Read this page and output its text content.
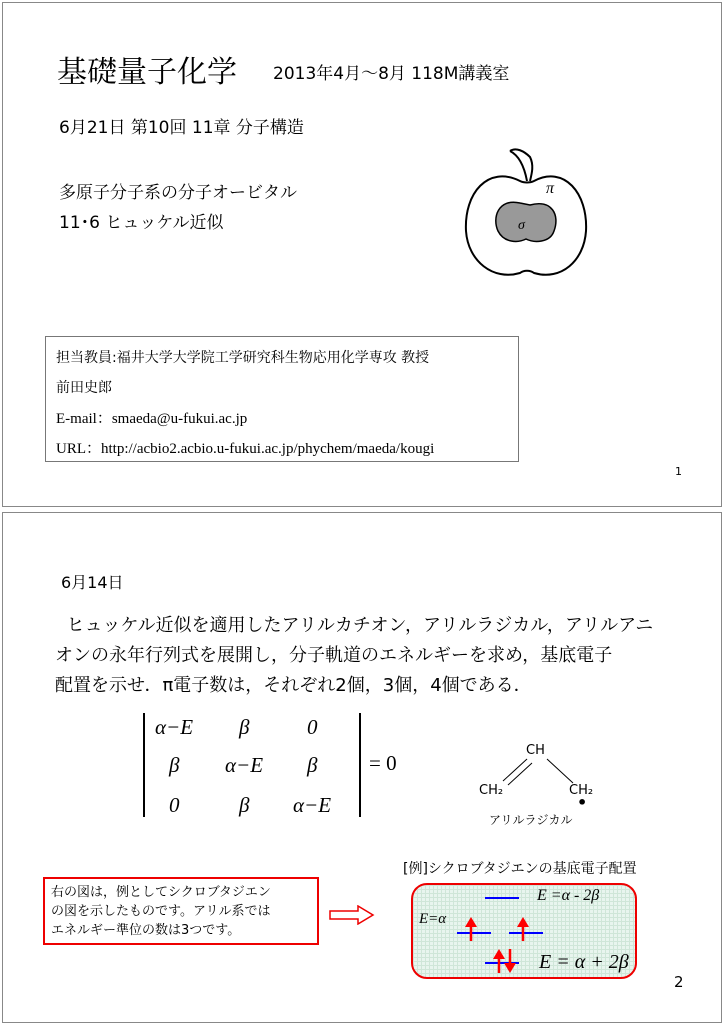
基礎量子化学 2013年4月～8月 118M講義室
6月21日 第10回 11章 分子構造
多原子分子系の分子オービタル
11･6 ヒュッケル近似
π
σ
担当教員:福井大学大学院工学研究科生物応用化学専攻 教授
前田史郎
E-mail：smaeda@u-fukui.ac.jp
URL：http://acbio2.acbio.u-fukui.ac.jp/phychem/maeda/kougi
1
6月14日
ヒュッケル近似を適用したアリルカチオン，アリルラジカル，アリルアニ
オンの永年行列式を展開し，分子軌道のエネルギーを求め，基底電子
配置を示せ．π電子数は，それぞれ2個，3個，4個である．
α−E β	0
β α−E β
0	β α−E
= 0
CH
CH₂	CH₂
•
アリルラジカル
[例]シクロブタジエンの基底電子配置
右の図は，例としてシクロブタジエン
の図を示したものです。アリル系では
エネルギー準位の数は3つです。
E =α - 2β
E=α
E = α + 2β
2
